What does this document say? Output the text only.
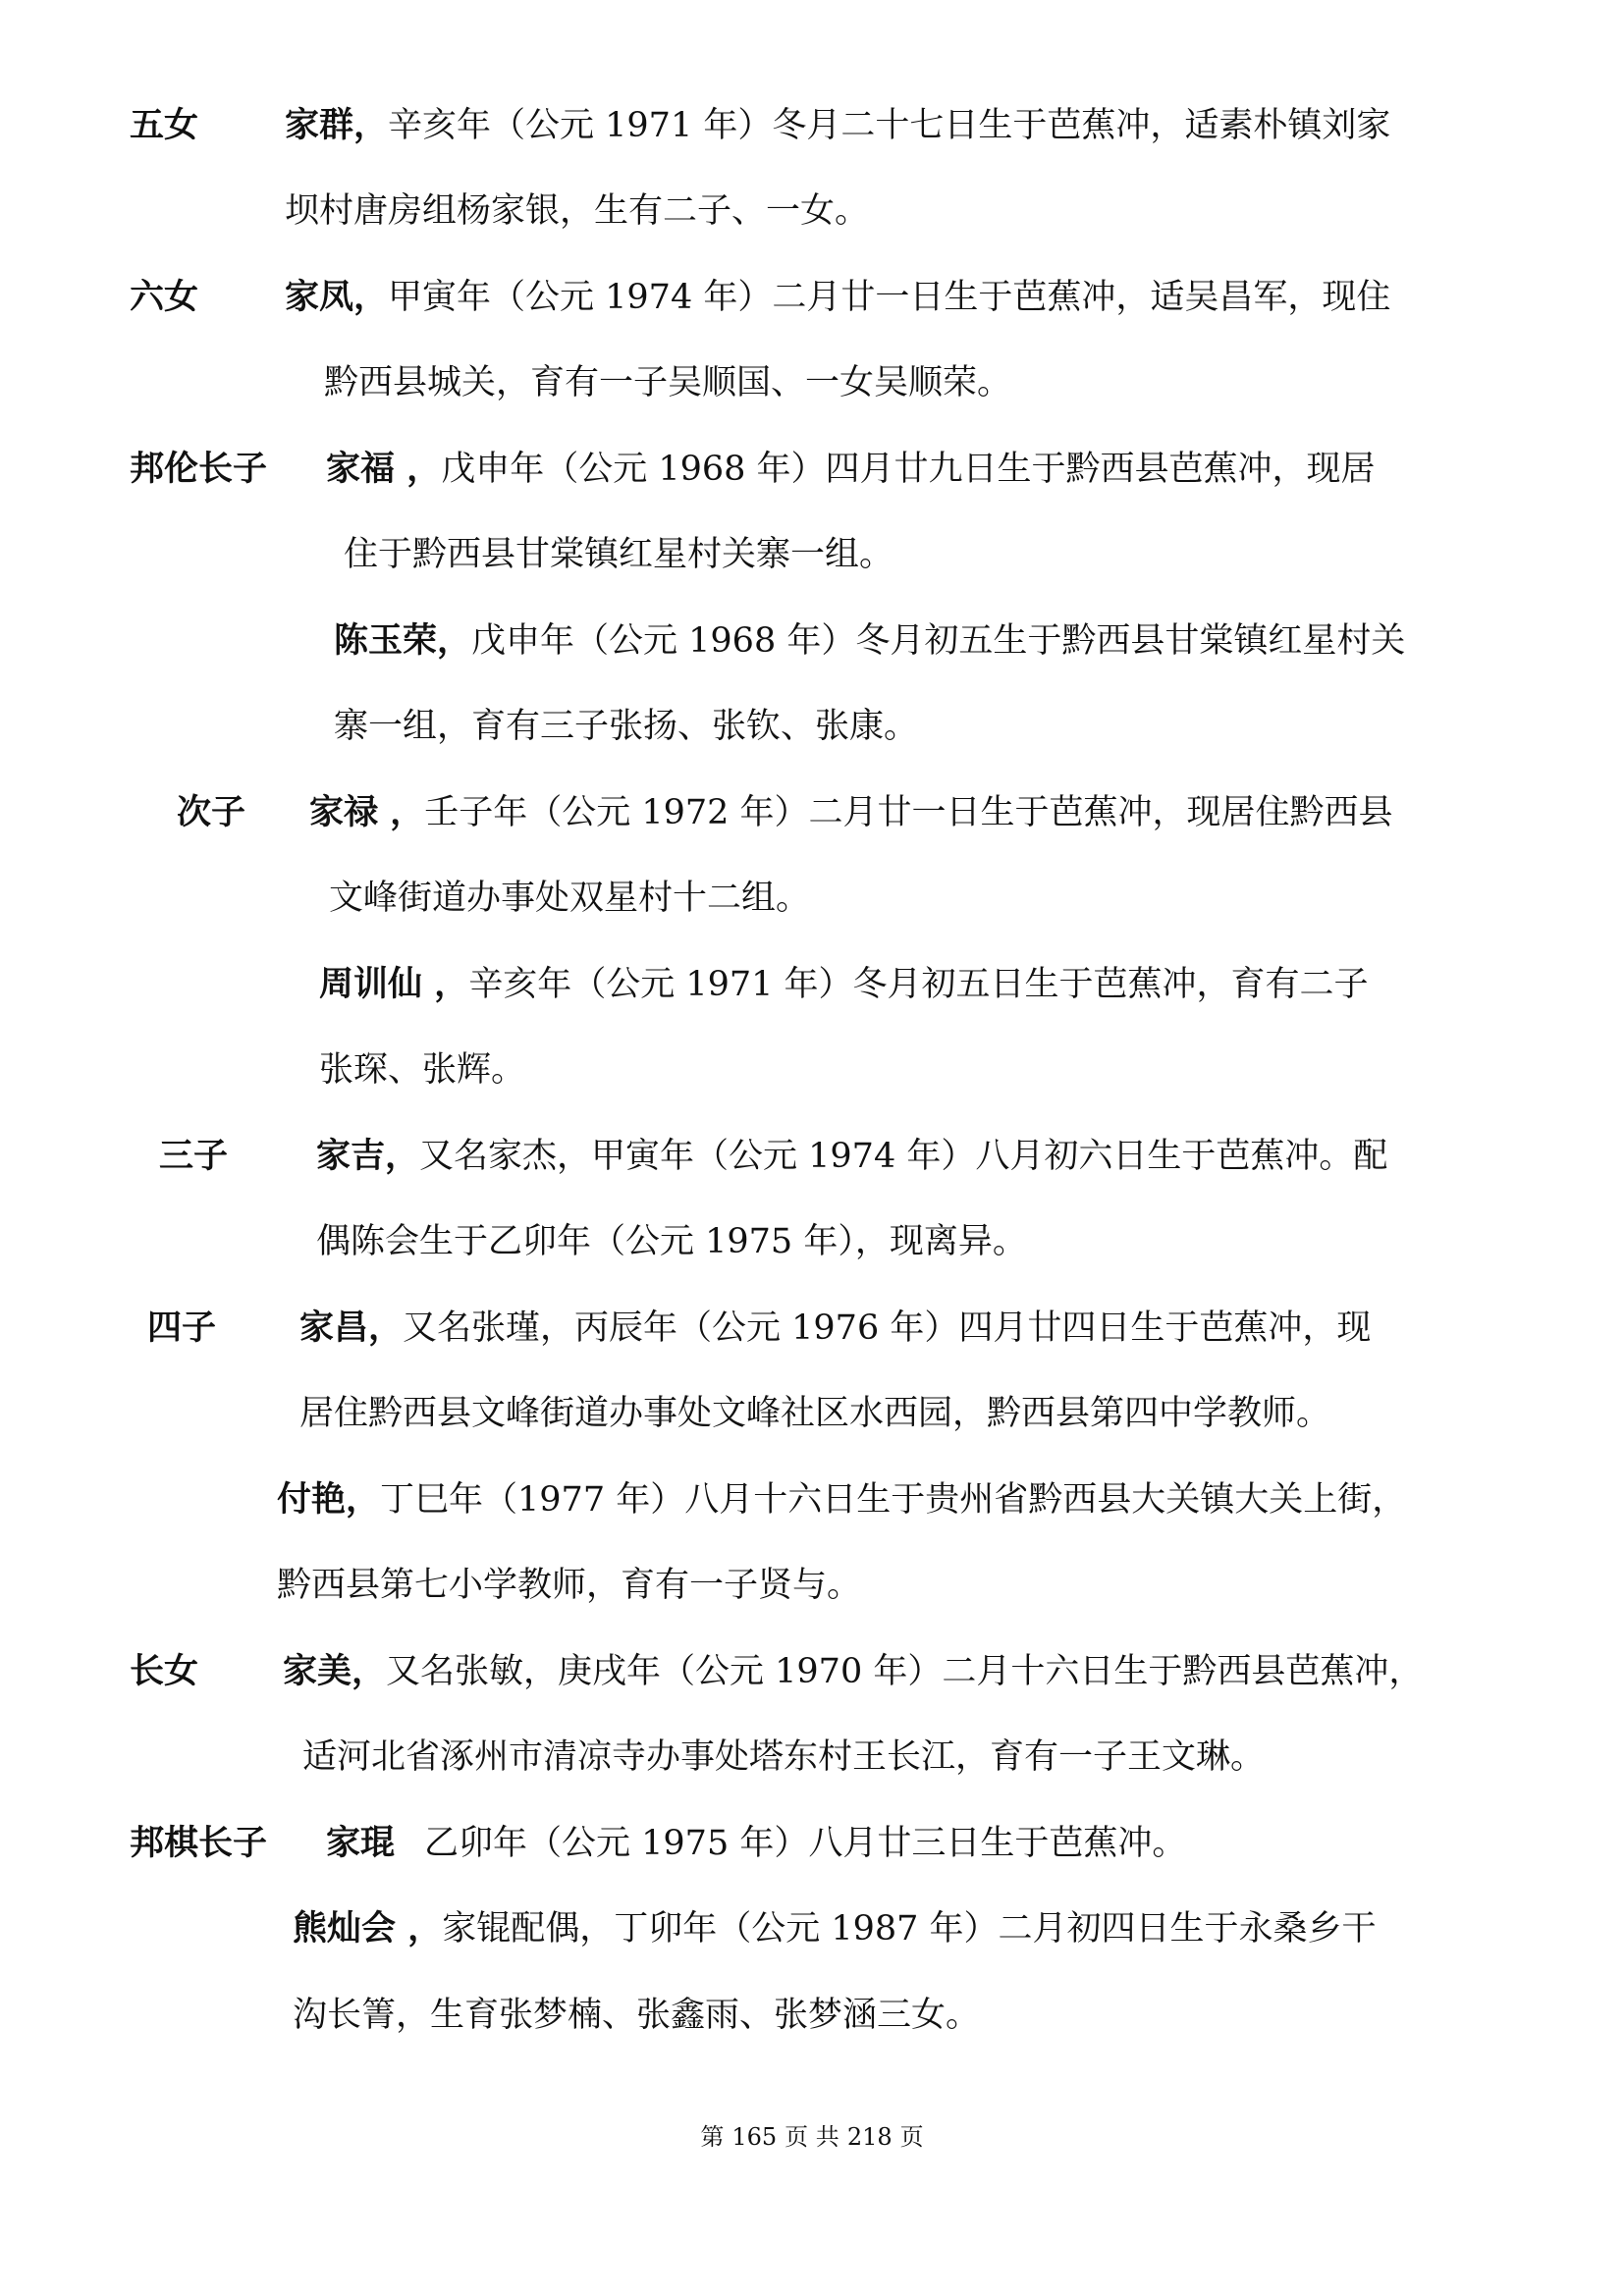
五女	家群，辛亥年（公元 1971 年）冬月二十七日生于芭蕉冲，适素朴镇刘家
坝村唐房组杨家银，生有二子、一女。
六女	家凤，甲寅年（公元 1974 年）二月廿一日生于芭蕉冲，适吴昌军，现住
黔西县城关，育有一子吴顺国、一女吴顺荣。
邦伦长子 家福 ，戊申年（公元 1968 年）四月廿九日生于黔西县芭蕉冲，现居
住于黔西县甘棠镇红星村关寨一组。
陈玉荣，戊申年（公元 1968 年）冬月初五生于黔西县甘棠镇红星村关
寨一组，育有三子张扬、张钦、张康。
次子 家禄 ，壬子年（公元 1972 年）二月廿一日生于芭蕉冲，现居住黔西县
文峰街道办事处双星村十二组。
周训仙 ，辛亥年（公元 1971 年）冬月初五日生于芭蕉冲，育有二子
张琛、张辉。
三子	家吉，又名家杰，甲寅年（公元 1974 年）八月初六日生于芭蕉冲。配
偶陈会生于乙卯年（公元 1975 年），现离异。
四子 家昌，又名张瑾，丙辰年（公元 1976 年）四月廿四日生于芭蕉冲，现
居住黔西县文峰街道办事处文峰社区水西园，黔西县第四中学教师。
付艳，丁巳年（1977 年）八月十六日生于贵州省黔西县大关镇大关上街，
黔西县第七小学教师，育有一子贤与。
长女 家美，又名张敏，庚戌年（公元 1970 年）二月十六日生于黔西县芭蕉冲，
适河北省涿州市清凉寺办事处塔东村王长江，育有一子王文琳。
邦棋长子 家琨 乙卯年（公元 1975 年）八月廿三日生于芭蕉冲。
熊灿会 ，家锟配偶，丁卯年（公元 1987 年）二月初四日生于永桑乡干
沟长箐，生育张梦楠、张鑫雨、张梦涵三女。
第 165 页 共 218 页
